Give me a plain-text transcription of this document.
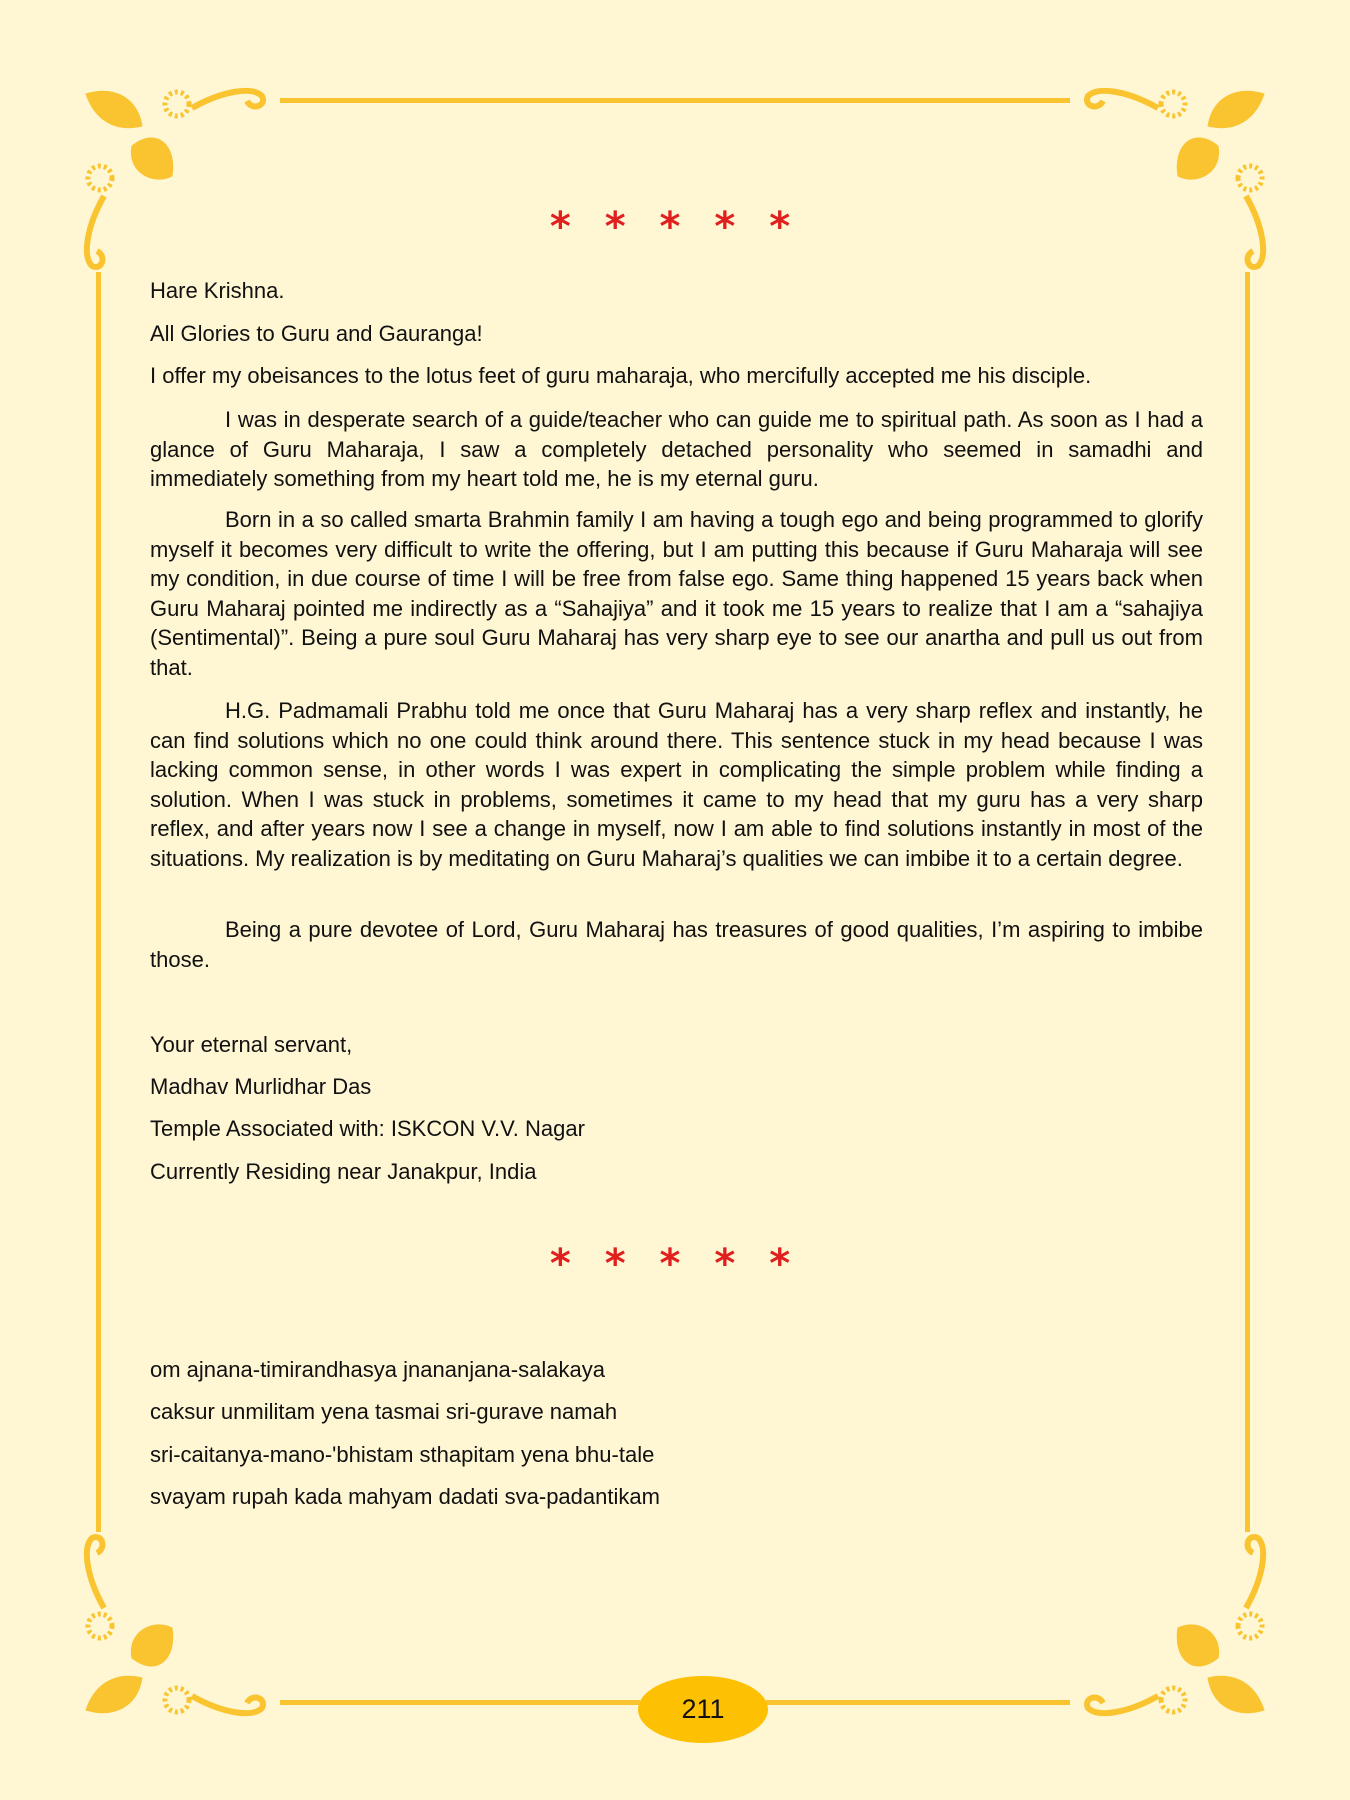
* * * * *
Hare Krishna.
All Glories to Guru and Gauranga!
I offer my obeisances to the lotus feet of guru maharaja, who mercifully accepted me his disciple.
I was in desperate search of a guide/teacher who can guide me to spiritual path. As soon as I had a glance of Guru Maharaja, I saw a completely detached personality who seemed in samadhi and immediately something from my heart told me, he is my eternal guru.
Born in a so called smarta Brahmin family I am having a tough ego and being programmed to glorify myself it becomes very difficult to write the offering, but I am putting this because if Guru Maharaja will see my condition, in due course of time I will be free from false ego. Same thing happened 15 years back when Guru Maharaj pointed me indirectly as a “Sahajiya” and it took me 15 years to realize that I am a “sahajiya (Sentimental)”. Being a pure soul Guru Maharaj has very sharp eye to see our anartha and pull us out from that.
H.G. Padmamali Prabhu told me once that Guru Maharaj has a very sharp reflex and instantly, he can find solutions which no one could think around there. This sentence stuck in my head because I was lacking common sense, in other words I was expert in complicating the simple problem while finding a solution. When I was stuck in problems, sometimes it came to my head that my guru has a very sharp reflex, and after years now I see a change in myself, now I am able to find solutions instantly in most of the situations. My realization is by meditating on Guru Maharaj’s qualities we can imbibe it to a certain degree.
Being a pure devotee of Lord, Guru Maharaj has treasures of good qualities, I’m aspiring to imbibe those.
Your eternal servant,
Madhav Murlidhar Das
Temple Associated with: ISKCON V.V. Nagar
Currently Residing near Janakpur, India
* * * * *
om ajnana-timirandhasya jnananjana-salakaya
caksur unmilitam yena tasmai sri-gurave namah
sri-caitanya-mano-'bhistam sthapitam yena bhu-tale
svayam rupah kada mahyam dadati sva-padantikam
211
